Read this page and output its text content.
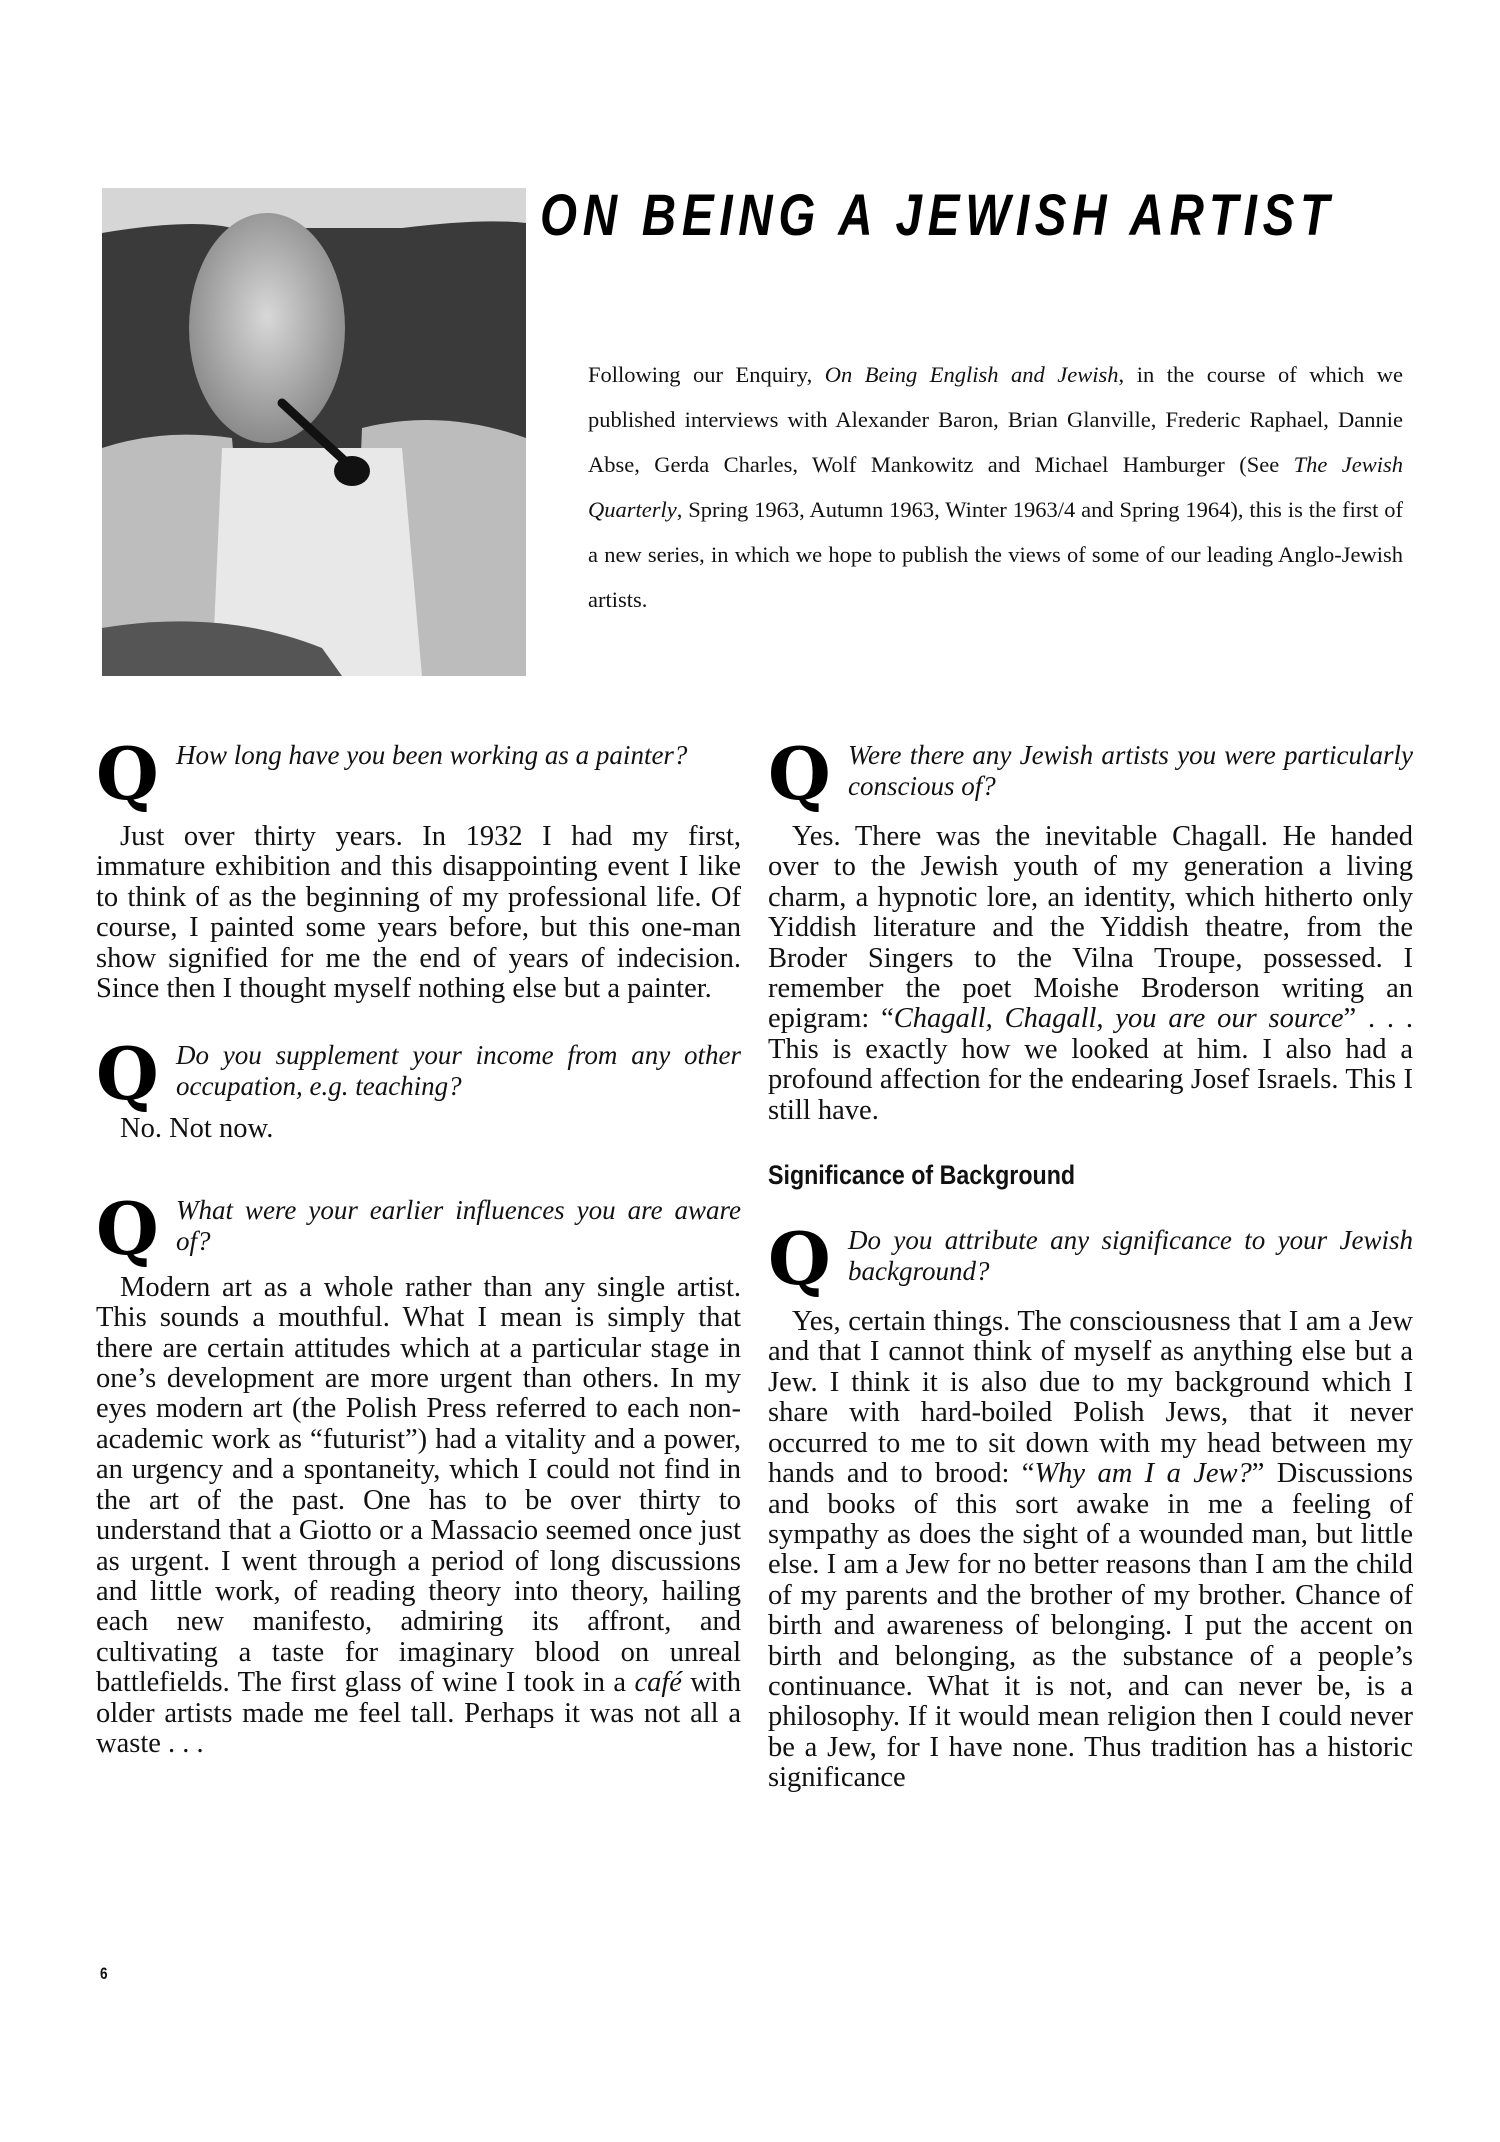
ON BEING A JEWISH ARTIST

Following our Enquiry, On Being English and Jewish, in the course of which we published interviews with Alexander Baron, Brian Glanville, Frederic Raphael, Dannie Abse, Gerda Charles, Wolf Mankowitz and Michael Hamburger (See The Jewish Quarterly, Spring 1963, Autumn 1963, Winter 1963/4 and Spring 1964), this is the first of a new series, in which we hope to publish the views of some of our leading Anglo-Jewish artists.

Q How long have you been working as a painter?

Just over thirty years. In 1932 I had my first, immature exhibition and this disappointing event I like to think of as the beginning of my professional life. Of course, I painted some years before, but this one-man show signified for me the end of years of indecision. Since then I thought myself nothing else but a painter.

Q Do you supplement your income from any other occupation, e.g. teaching?

No. Not now.

Q What were your earlier influences you are aware of?

Modern art as a whole rather than any single artist. This sounds a mouthful. What I mean is simply that there are certain attitudes which at a particular stage in one’s development are more urgent than others. In my eyes modern art (the Polish Press referred to each non-academic work as “futurist”) had a vitality and a power, an urgency and a spontaneity, which I could not find in the art of the past. One has to be over thirty to understand that a Giotto or a Massacio seemed once just as urgent. I went through a period of long discussions and little work, of reading theory into theory, hailing each new manifesto, admiring its affront, and cultivating a taste for imaginary blood on unreal battlefields. The first glass of wine I took in a café with older artists made me feel tall. Perhaps it was not all a waste . . .

Q Were there any Jewish artists you were particularly conscious of?

Yes. There was the inevitable Chagall. He handed over to the Jewish youth of my generation a living charm, a hypnotic lore, an identity, which hitherto only Yiddish literature and the Yiddish theatre, from the Broder Singers to the Vilna Troupe, possessed. I remember the poet Moishe Broderson writing an epigram: “Chagall, Chagall, you are our source” . . . This is exactly how we looked at him. I also had a profound affection for the endearing Josef Israels. This I still have.

Significance of Background
Q Do you attribute any significance to your Jewish background?

Yes, certain things. The consciousness that I am a Jew and that I cannot think of myself as anything else but a Jew. I think it is also due to my background which I share with hard-boiled Polish Jews, that it never occurred to me to sit down with my head between my hands and to brood: “Why am I a Jew?” Discussions and books of this sort awake in me a feeling of sympathy as does the sight of a wounded man, but little else. I am a Jew for no better reasons than I am the child of my parents and the brother of my brother. Chance of birth and awareness of belonging. I put the accent on birth and belonging, as the substance of a people’s continuance. What it is not, and can never be, is a philosophy. If it would mean religion then I could never be a Jew, for I have none. Thus tradition has a historic significance

6
